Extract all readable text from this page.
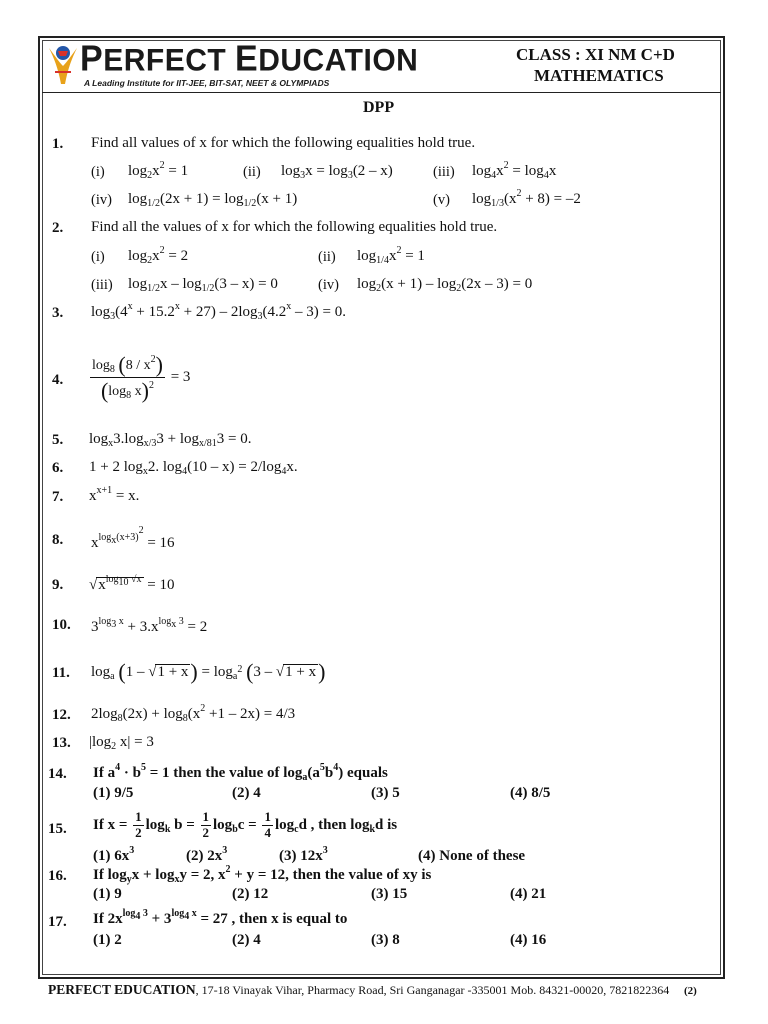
PERFECT EDUCATION
A Leading Institute for IIT-JEE, BIT-SAT, NEET & OLYMPIADS
CLASS : XI NM C+D
MATHEMATICS
DPP
1. Find all values of x for which the following equalities hold true.
(i) $\log_2x^2 = 1$	(ii) $\log_3x = \log_3(2 - x)$	(iii) $\log_4x^2 = \log_4x$
(iv) $\log_{1/2}(2x + 1) = \log_{1/2}(x + 1)$	(v) $\log_{1/3}(x^2 + 8) = -2$
2. Find all the values of x for which the following equalities hold true.
(i) $\log_2x^2 = 2$	(ii) $\log_{1/4}x^2 = 1$
(iii) $\log_{1/2}x - \log_{1/2}(3 - x) = 0$	(iv) $\log_2(x + 1) - \log_2(2x - 3) = 0$
3. $\log_3(4^x + 15.2^x + 27) - 2\log_3(4.2^x - 3) = 0$.
4. $\frac{\log_8 (8 / x^2)}{(\log_8 x)^2} = 3$
5. $\log_x3.\log_{x/3}3 + \log_{x/81}3 = 0$.
6. 1 + 2 $\log_x2$. $\log_4(10 - x) = 2/\log_4x$.
7. $x^{x+1} = x$.
8. $x^{log_x(x+3)^2} = 16$
9. $√x^{log_{10} √x} = 10$
10. $3^{log_3 x} + 3.x^{log_x 3} = 2$
11. $\log_a (1 - √1 + x) = \log_{a^2} (3 - √1 + x)$
12. $2\log_8(2x) + \log_8(x^2 +1 - 2x) = 4/3$
13. $|\log_2$ x| = 3
14. If $a^4 \cdot b^5 = 1$ then the value of $\log_a(a^5b^4)$ equals
(1) 9/5	(2) 4	(3) 5	(4) 8/5
15. If $x = \frac{1}{2} \log_k b = \frac{1}{2} \log_bc = \frac{1}{4} \log_cd$ , then $\log_kd$ is
(1) $6x^3$	(2) $2x^3$	(3) $12x^3$	(4) None of these
16. If $\log_yx + \log_xy = 2$, $x^2 + y = 12$, then the value of xy is
(1) 9	(2) 12	(3) 15	(4) 21
17. If $2x^{log_4 3} + 3^{log_4 x} = 27$ , then x is equal to
(1) 2	(2) 4	(3) 8	(4) 16
PERFECT EDUCATION, 17-18 Vinayak Vihar, Pharmacy Road, Sri Ganganagar -335001 Mob. 84321-00020, 7821822364 (2)
